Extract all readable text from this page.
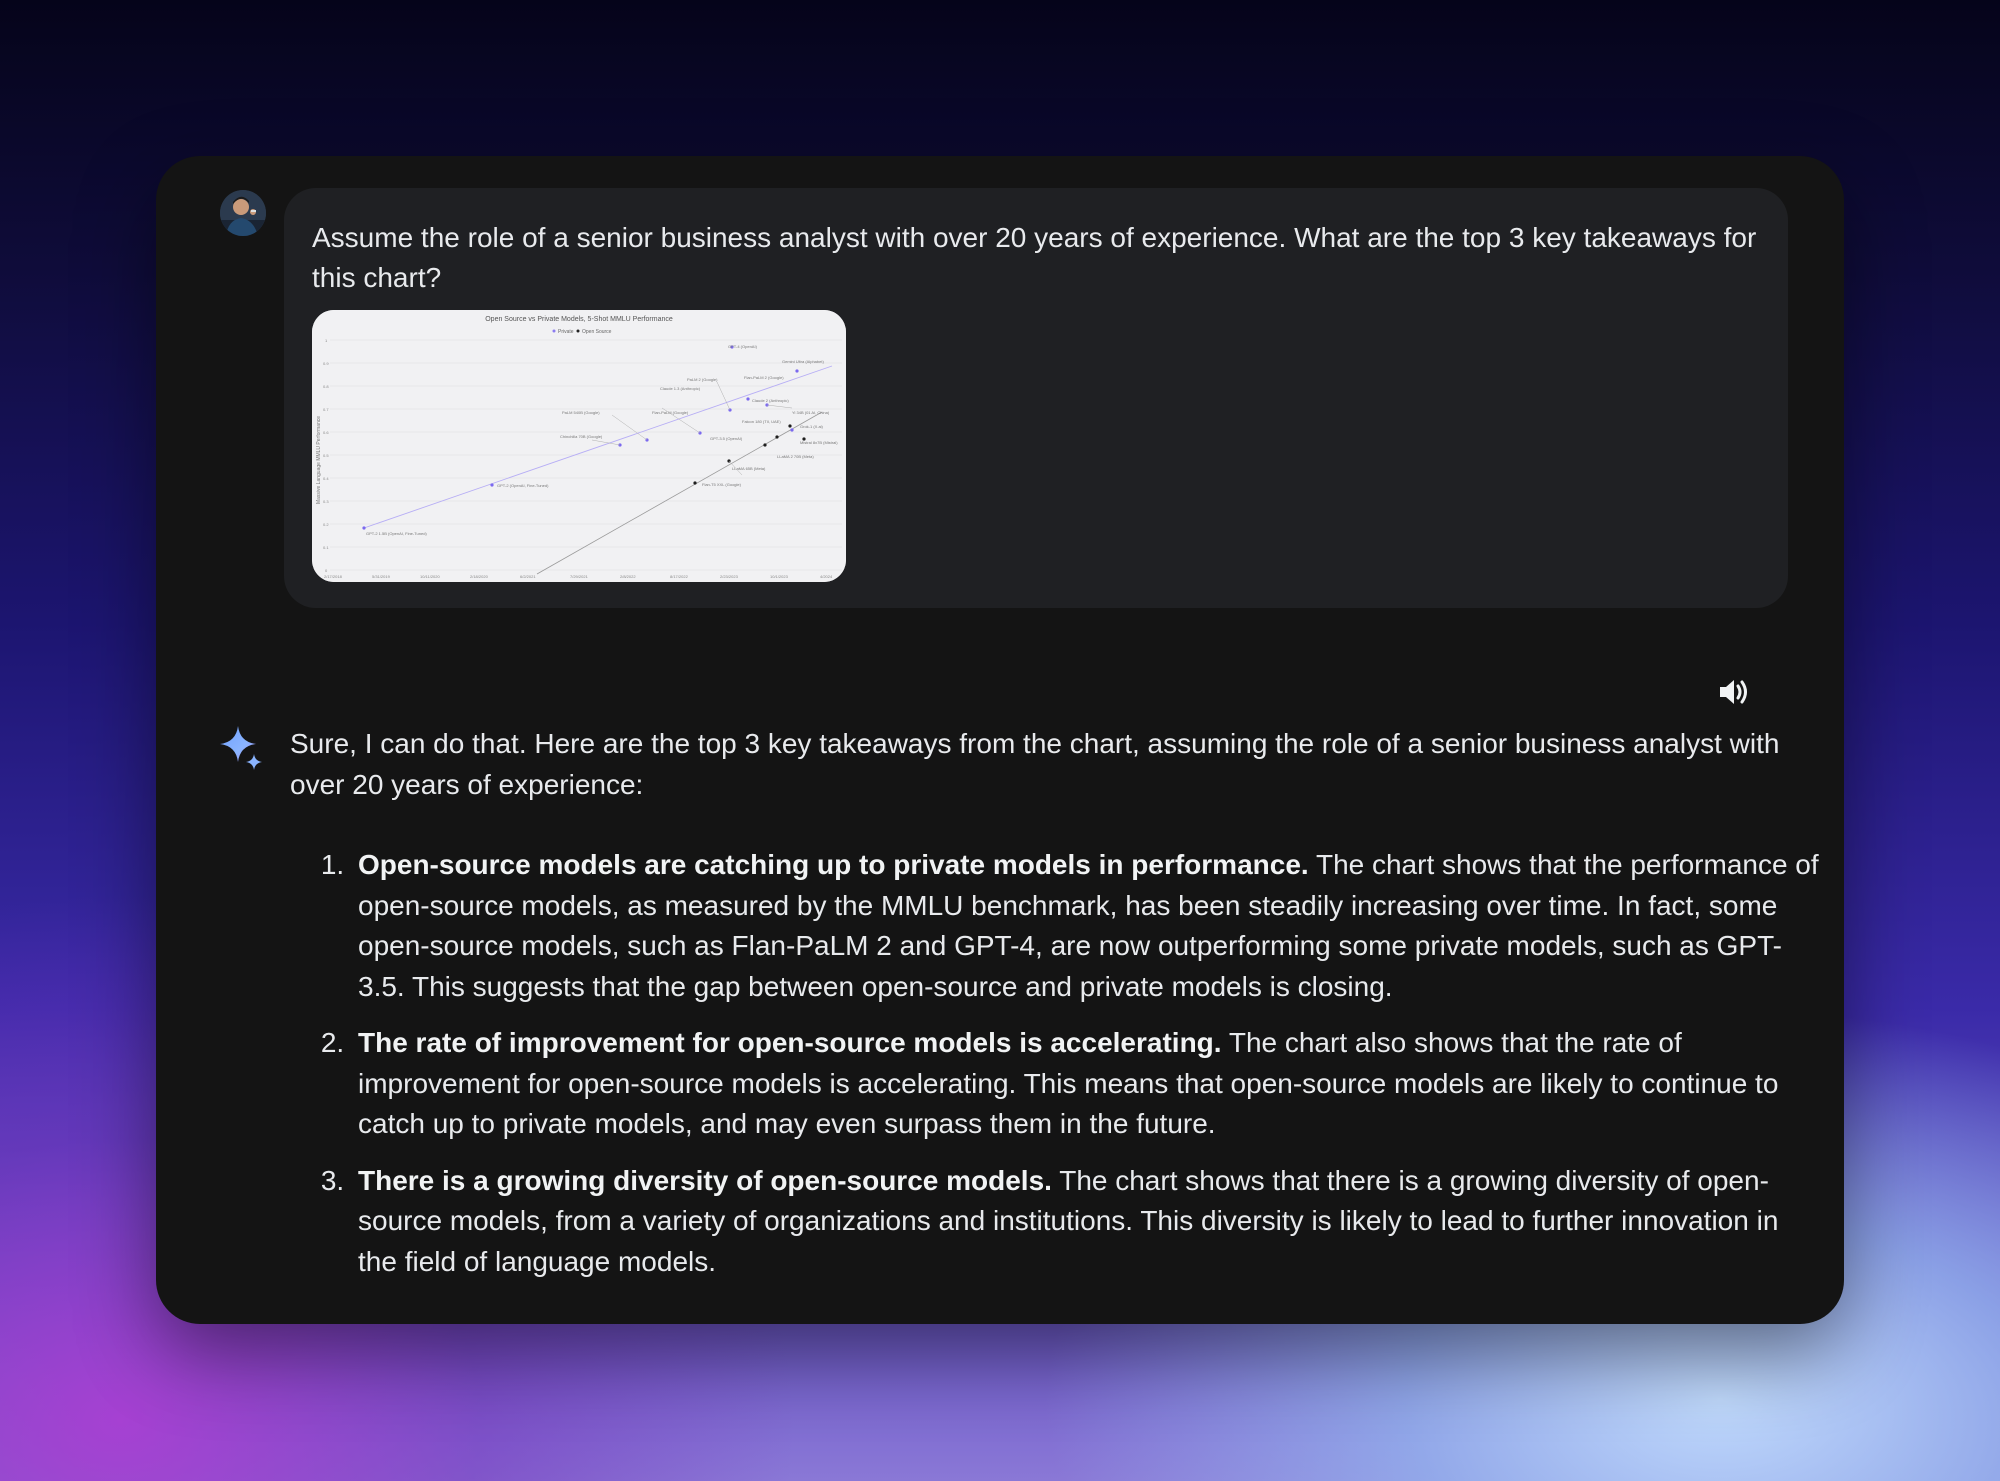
Assume the role of a senior business analyst with over 20 years of experience. What are the top 3 key takeaways for this chart?

Open Source vs Private Models, 5-Shot MMLU Performance
Private Open Source
Massive Language MMLU Performance
GPT-4 (OpenAI)
Gemini Ultra (Alphabet)
PaLM 2 (Google)	Flan-PaLM 2 (Google)
Claude 1.3 (Anthropic)
Claude 2 (Anthropic)
PaLM 540B (Google)	Flan-PaLM (Google)	Yi 34B (01 AI, China)
Falcon 180 (TII, UAE)
Grok-1 (X.ai)
Chinchilla 70B (Google)	GPT-3.5 (OpenAI)
Mistral 8x7B (Mistral)
LLaMA 2 70B (Meta)
LLaMA 65B (Meta)
Flan-T5 XXL (Google)
GPT-2 (OpenAI, Fine-Tuned)
GPT-2 1.5B (OpenAI, Fine-Tuned)
2/17/2018	5/31/2019	10/11/2020	2/18/2020	6/2/2021	7/29/2021	2/8/2022	8/17/2022	2/23/2023	10/1/2023	4/2024
1
0.9
0.8
0.7
0.6
0.5
0.4
0.3
0.2
0.1
0

Sure, I can do that. Here are the top 3 key takeaways from the chart, assuming the role of a senior business analyst with over 20 years of experience:

1. Open-source models are catching up to private models in performance. The chart shows that the performance of open-source models, as measured by the MMLU benchmark, has been steadily increasing over time. In fact, some open-source models, such as Flan-PaLM 2 and GPT-4, are now outperforming some private models, such as GPT-3.5. This suggests that the gap between open-source and private models is closing.
2. The rate of improvement for open-source models is accelerating. The chart also shows that the rate of improvement for open-source models is accelerating. This means that open-source models are likely to continue to catch up to private models, and may even surpass them in the future.
3. There is a growing diversity of open-source models. The chart shows that there is a growing diversity of open-source models, from a variety of organizations and institutions. This diversity is likely to lead to further innovation in the field of language models.
